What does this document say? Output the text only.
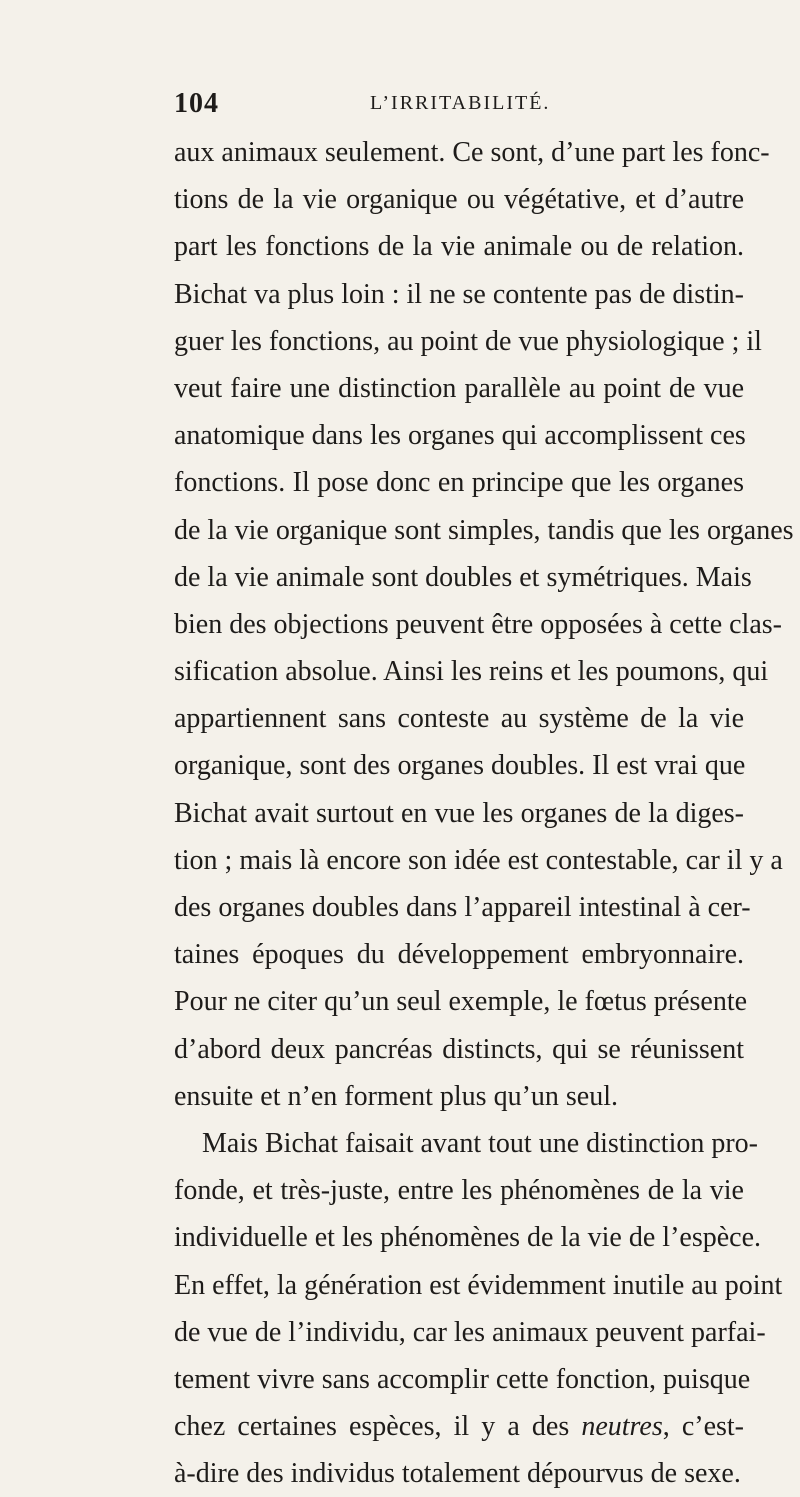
104	L’IRRITABILITÉ.
aux animaux seulement. Ce sont, d’une part les fonc-
tions de la vie organique ou végétative, et d’autre
part les fonctions de la vie animale ou de relation.
Bichat va plus loin : il ne se contente pas de distin-
guer les fonctions, au point de vue physiologique ; il
veut faire une distinction parallèle au point de vue
anatomique dans les organes qui accomplissent ces
fonctions. Il pose donc en principe que les organes
de la vie organique sont simples, tandis que les organes
de la vie animale sont doubles et symétriques. Mais
bien des objections peuvent être opposées à cette clas-
sification absolue. Ainsi les reins et les poumons, qui
appartiennent sans conteste au système de la vie
organique, sont des organes doubles. Il est vrai que
Bichat avait surtout en vue les organes de la diges-
tion ; mais là encore son idée est contestable, car il y a
des organes doubles dans l’appareil intestinal à cer-
taines époques du développement embryonnaire.
Pour ne citer qu’un seul exemple, le fœtus présente
d’abord deux pancréas distincts, qui se réunissent
ensuite et n’en forment plus qu’un seul.
Mais Bichat faisait avant tout une distinction pro-
fonde, et très-juste, entre les phénomènes de la vie
individuelle et les phénomènes de la vie de l’espèce.
En effet, la génération est évidemment inutile au point
de vue de l’individu, car les animaux peuvent parfai-
tement vivre sans accomplir cette fonction, puisque
chez certaines espèces, il y a des neutres, c’est-
à-dire des individus totalement dépourvus de sexe.
